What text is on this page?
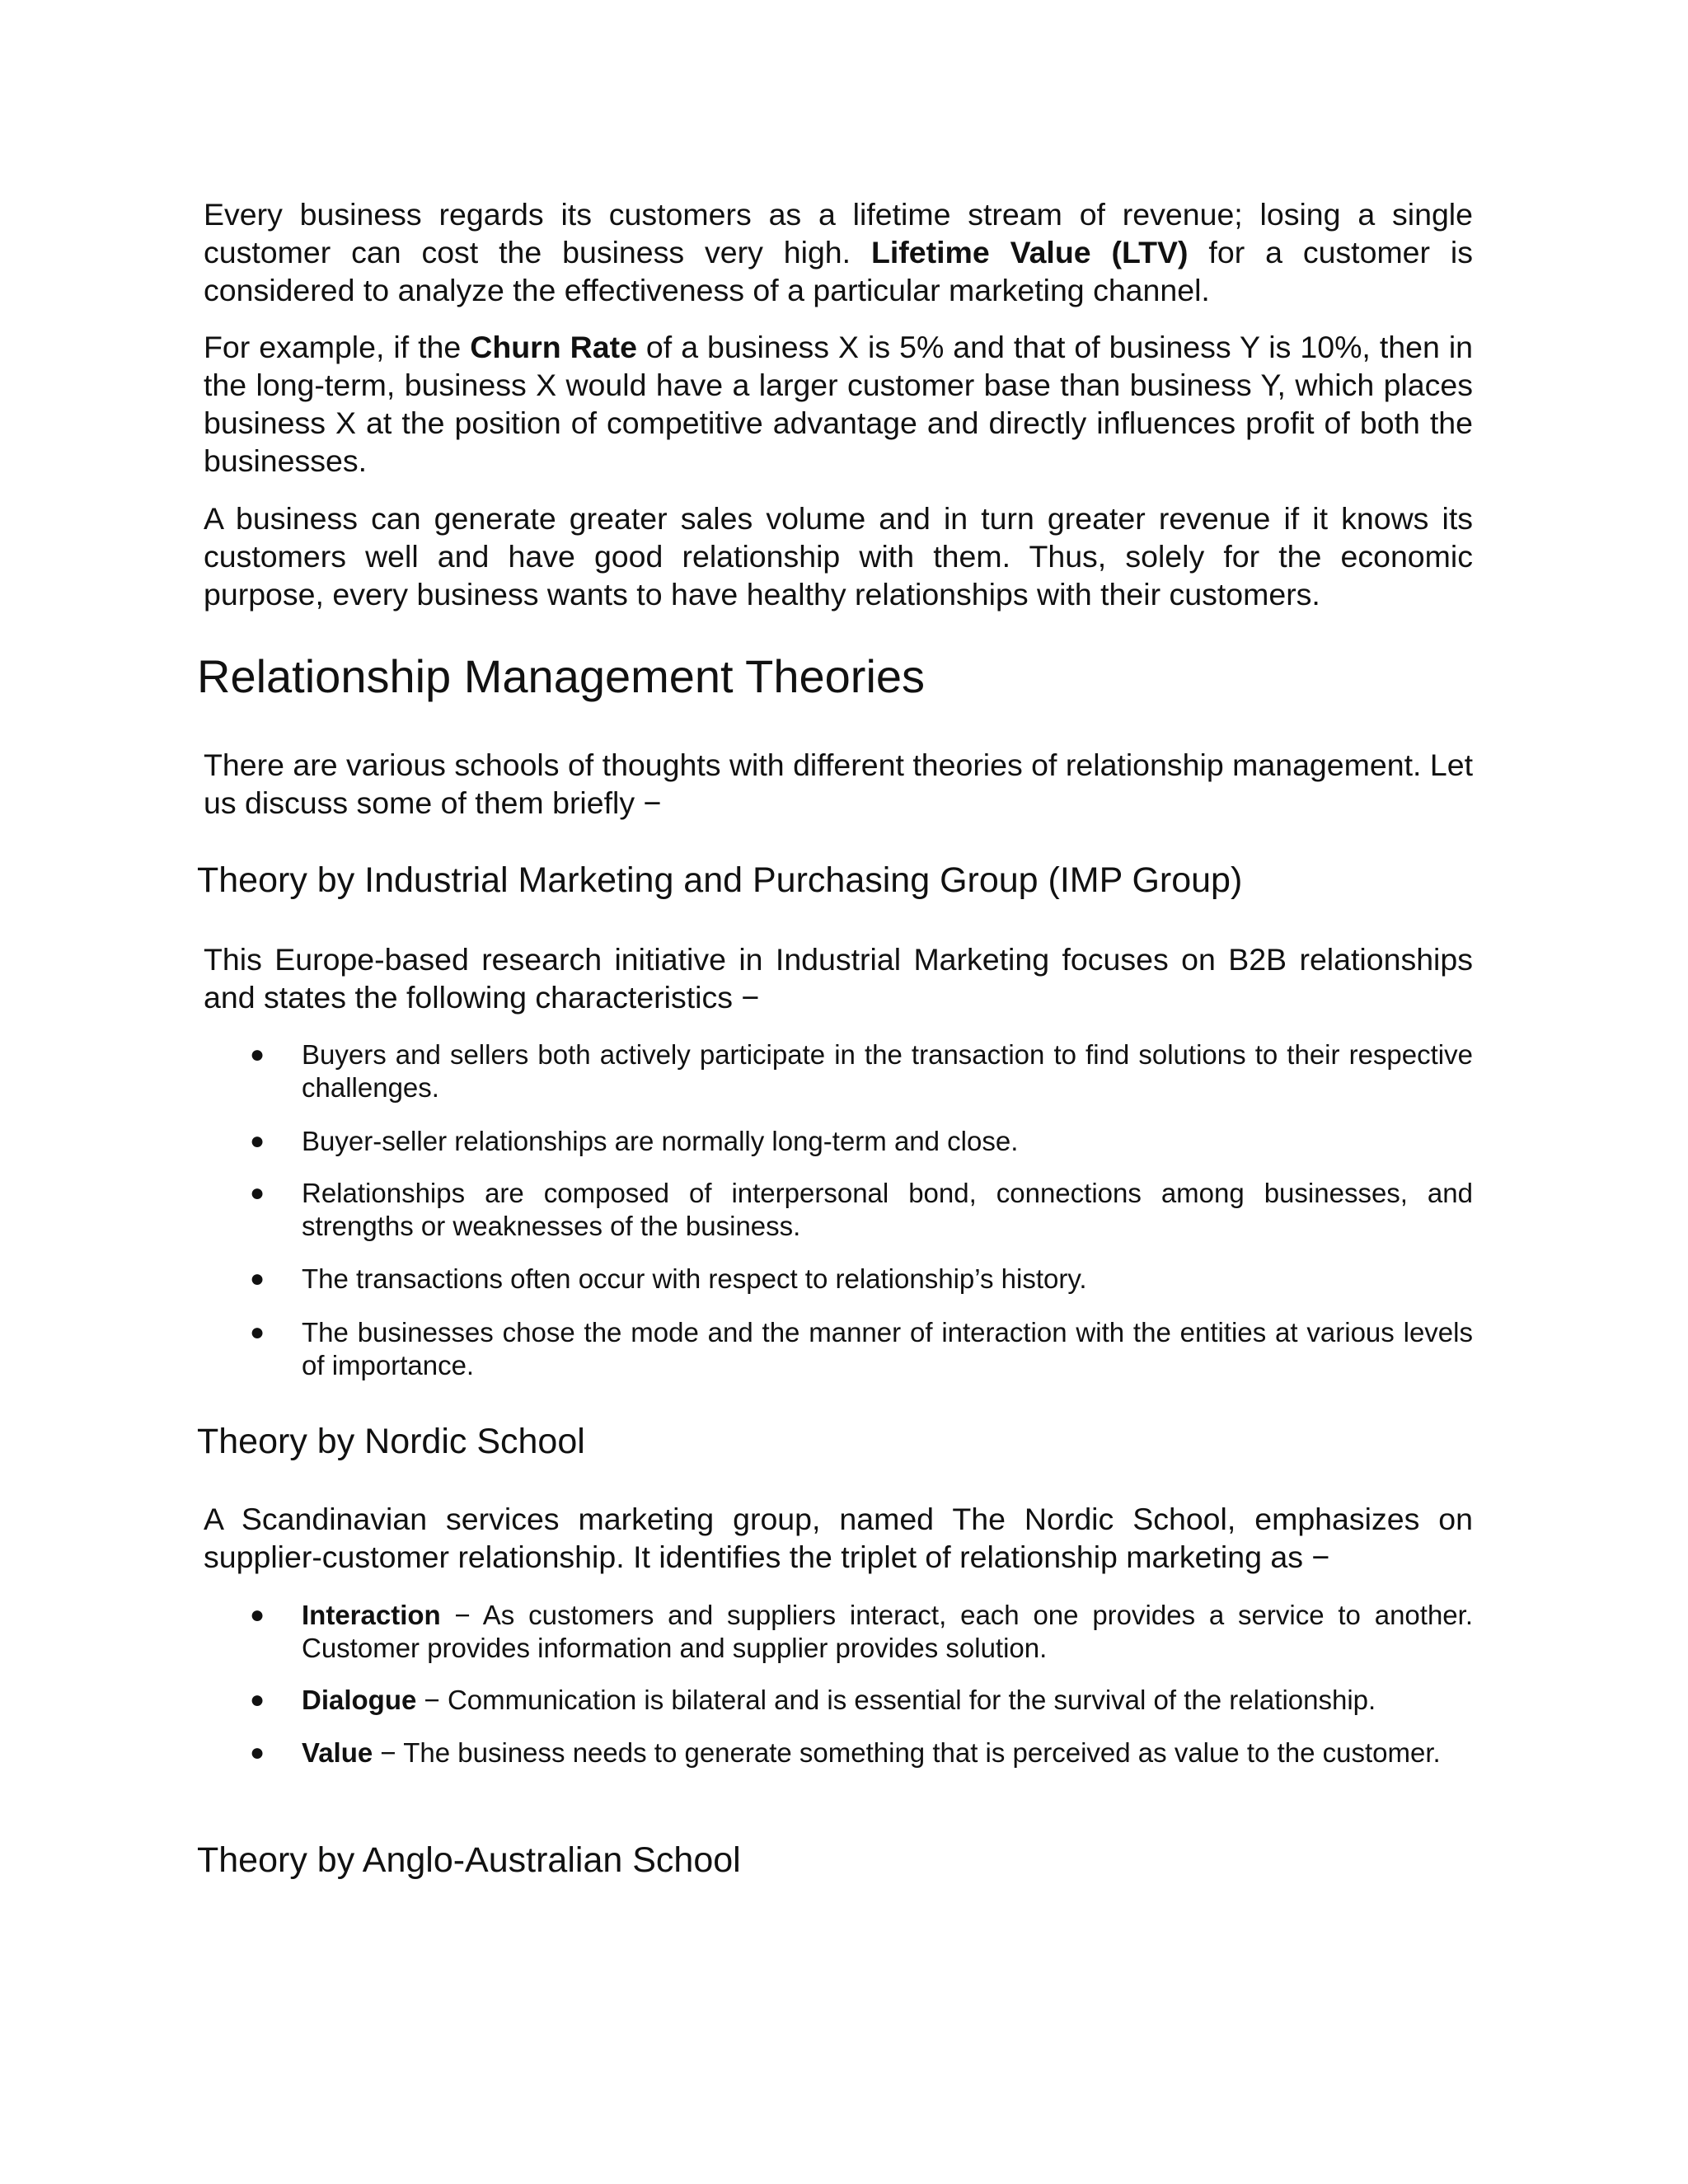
Every business regards its customers as a lifetime stream of revenue; losing a single customer can cost the business very high. Lifetime Value (LTV) for a customer is considered to analyze the effectiveness of a particular marketing channel.

For example, if the Churn Rate of a business X is 5% and that of business Y is 10%, then in the long-term, business X would have a larger customer base than business Y, which places business X at the position of competitive advantage and directly influences profit of both the businesses.

A business can generate greater sales volume and in turn greater revenue if it knows its customers well and have good relationship with them. Thus, solely for the economic purpose, every business wants to have healthy relationships with their customers.

Relationship Management Theories

There are various schools of thoughts with different theories of relationship management. Let us discuss some of them briefly −

Theory by Industrial Marketing and Purchasing Group (IMP Group)

This Europe-based research initiative in Industrial Marketing focuses on B2B relationships and states the following characteristics −

● Buyers and sellers both actively participate in the transaction to find solutions to their respective challenges.
● Buyer-seller relationships are normally long-term and close.
● Relationships are composed of interpersonal bond, connections among businesses, and strengths or weaknesses of the business.
● The transactions often occur with respect to relationship’s history.
● The businesses chose the mode and the manner of interaction with the entities at various levels of importance.
Theory by Nordic School

A Scandinavian services marketing group, named The Nordic School, emphasizes on supplier-customer relationship. It identifies the triplet of relationship marketing as −

● Interaction − As customers and suppliers interact, each one provides a service to another. Customer provides information and supplier provides solution.
● Dialogue − Communication is bilateral and is essential for the survival of the relationship.
● Value − The business needs to generate something that is perceived as value to the customer.
Theory by Anglo-Australian School
